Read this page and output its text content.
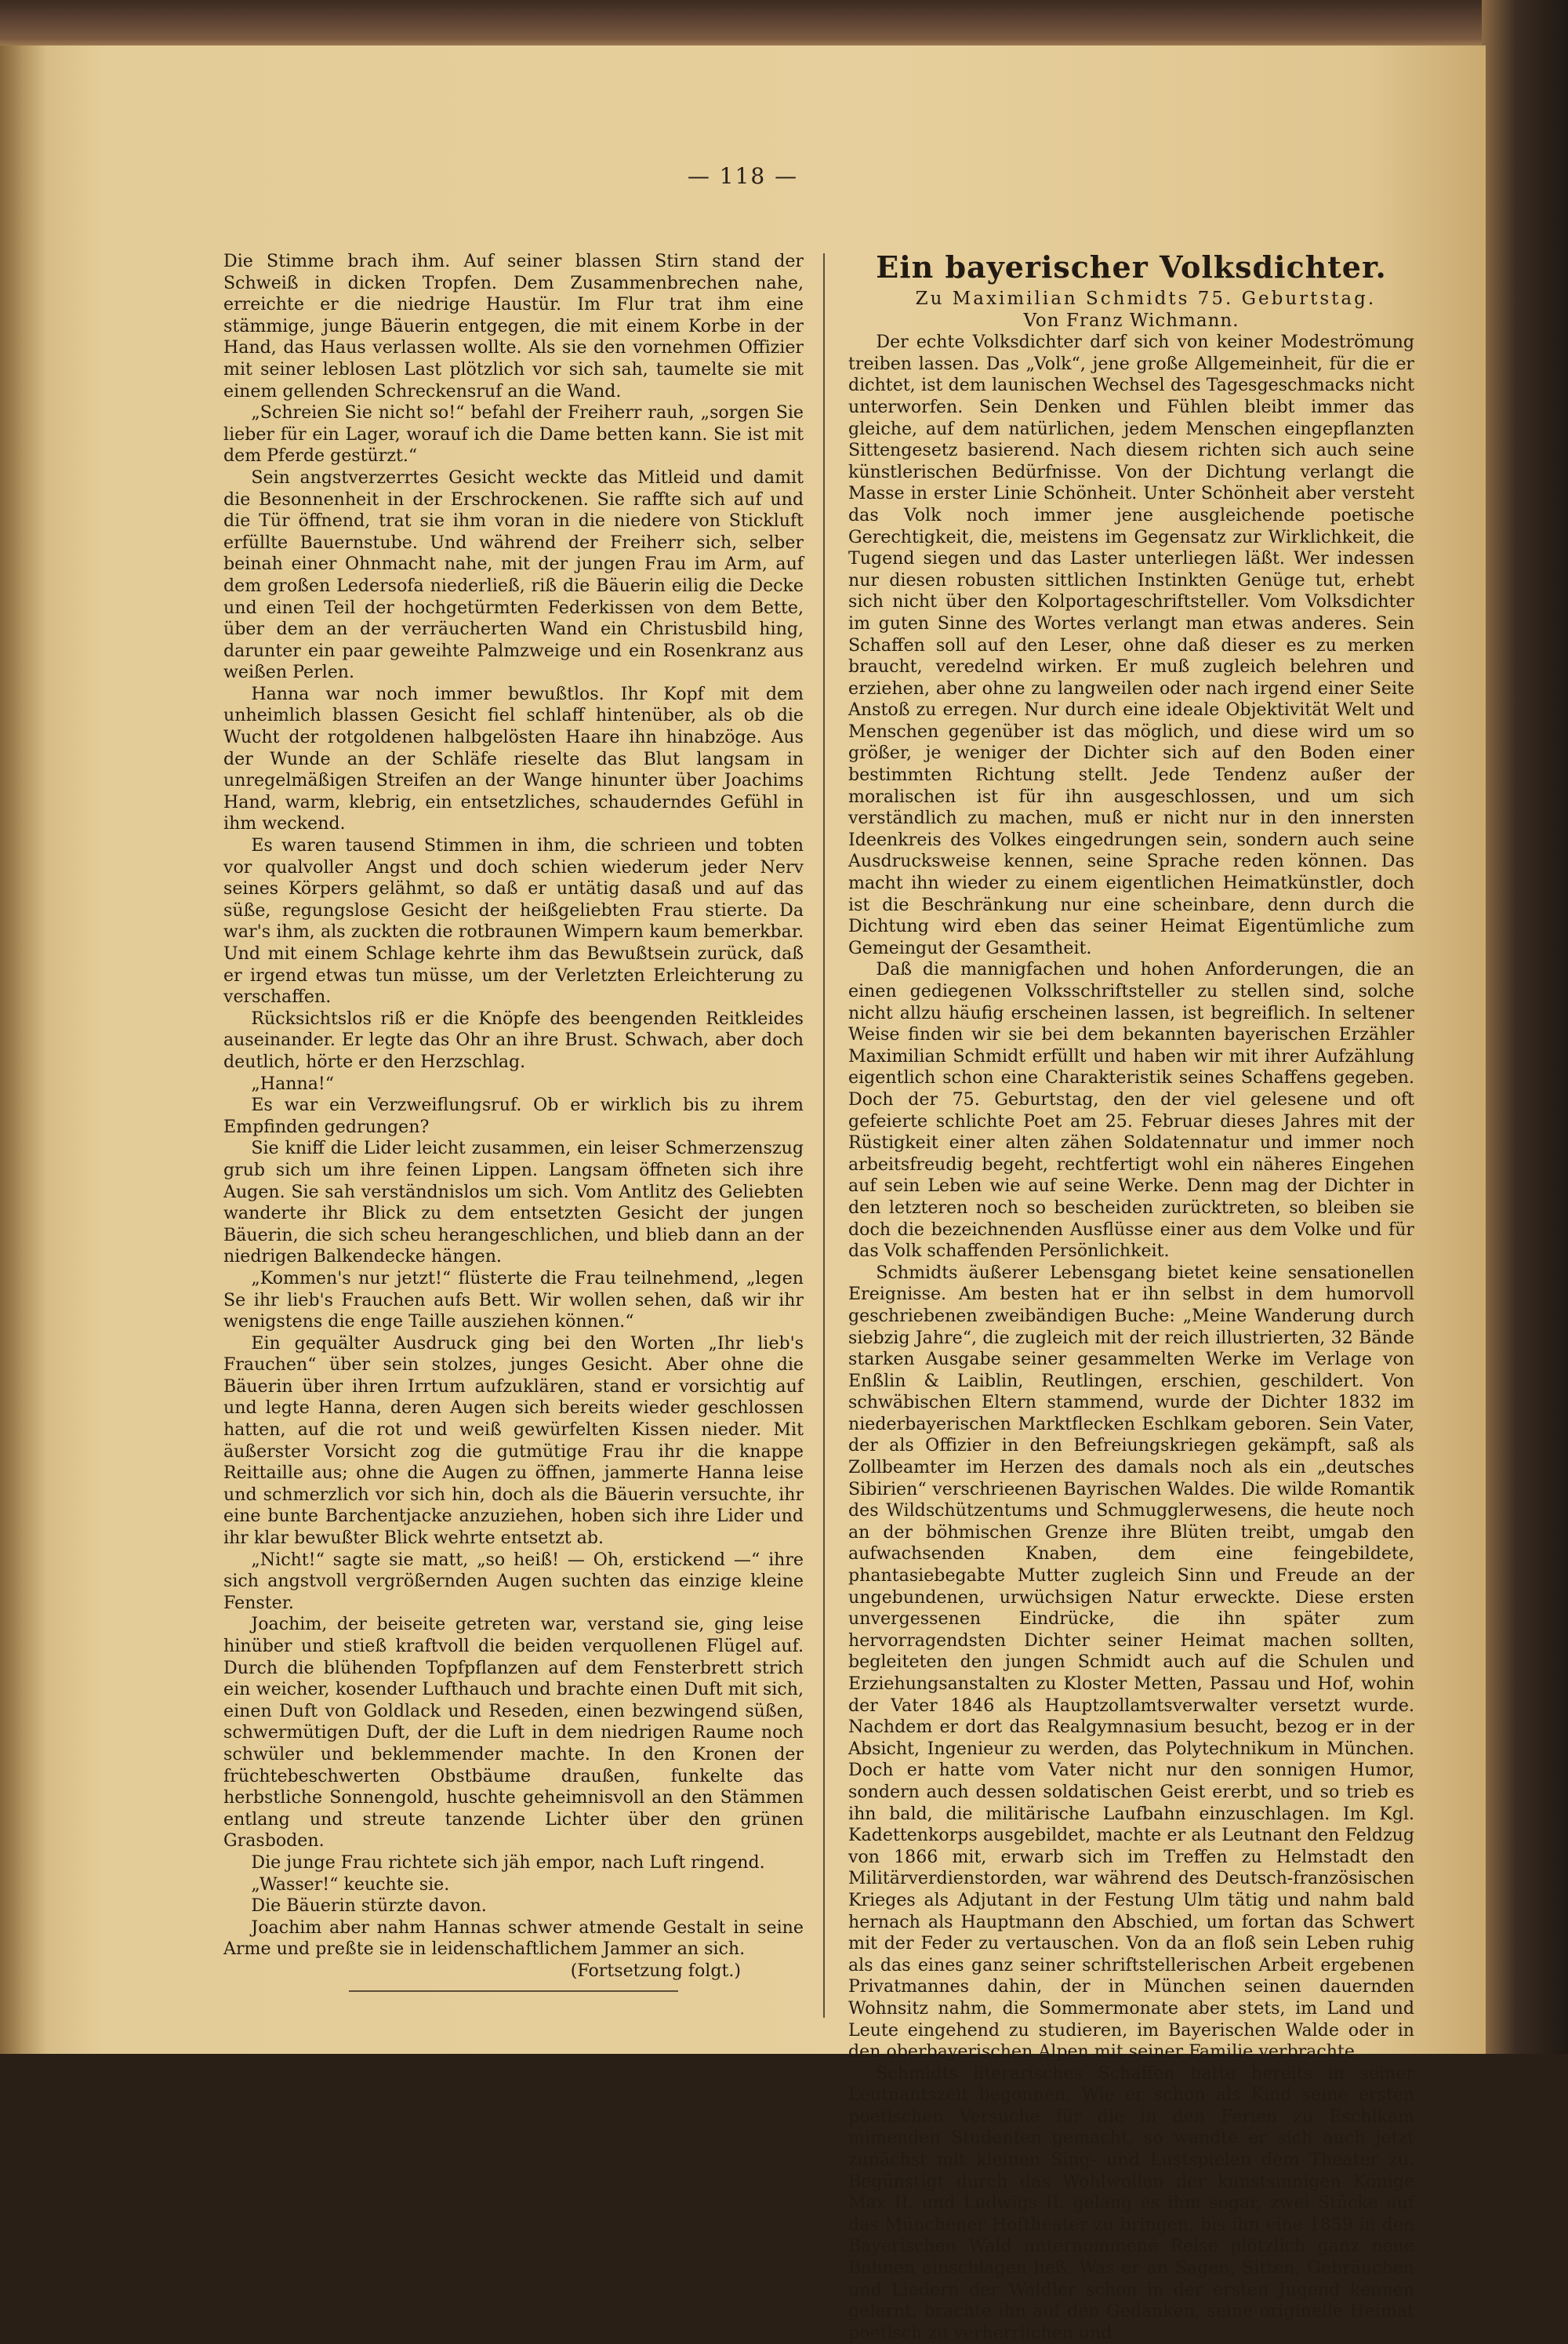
— 118 —

Die Stimme brach ihm. Auf seiner blassen Stirn stand der Schweiß in dicken Tropfen. Dem Zusammenbrechen nahe, erreichte er die niedrige Haustür. Im Flur trat ihm eine stämmige, junge Bäuerin entgegen, die mit einem Korbe in der Hand, das Haus verlassen wollte. Als sie den vornehmen Offizier mit seiner leblosen Last plötzlich vor sich sah, taumelte sie mit einem gellenden Schreckensruf an die Wand.

„Schreien Sie nicht so!“ befahl der Freiherr rauh, „sorgen Sie lieber für ein Lager, worauf ich die Dame betten kann. Sie ist mit dem Pferde gestürzt.“

Sein angstverzerrtes Gesicht weckte das Mitleid und damit die Besonnenheit in der Erschrockenen. Sie raffte sich auf und die Tür öffnend, trat sie ihm voran in die niedere von Stickluft erfüllte Bauernstube. Und während der Freiherr sich, selber beinah einer Ohnmacht nahe, mit der jungen Frau im Arm, auf dem großen Ledersofa niederließ, riß die Bäuerin eilig die Decke und einen Teil der hochgetürmten Federkissen von dem Bette, über dem an der verräucherten Wand ein Christusbild hing, darunter ein paar geweihte Palmzweige und ein Rosenkranz aus weißen Perlen.

Hanna war noch immer bewußtlos. Ihr Kopf mit dem unheimlich blassen Gesicht fiel schlaff hintenüber, als ob die Wucht der rotgoldenen halbgelösten Haare ihn hinabzöge. Aus der Wunde an der Schläfe rieselte das Blut langsam in unregelmäßigen Streifen an der Wange hinunter über Joachims Hand, warm, klebrig, ein entsetzliches, schauderndes Gefühl in ihm weckend.

Es waren tausend Stimmen in ihm, die schrieen und tobten vor qualvoller Angst und doch schien wiederum jeder Nerv seines Körpers gelähmt, so daß er untätig dasaß und auf das süße, regungslose Gesicht der heißgeliebten Frau stierte. Da war's ihm, als zuckten die rotbraunen Wimpern kaum bemerkbar. Und mit einem Schlage kehrte ihm das Bewußtsein zurück, daß er irgend etwas tun müsse, um der Verletzten Erleichterung zu verschaffen.

Rücksichtslos riß er die Knöpfe des beengenden Reitkleides auseinander. Er legte das Ohr an ihre Brust. Schwach, aber doch deutlich, hörte er den Herzschlag.

„Hanna!“

Es war ein Verzweiflungsruf. Ob er wirklich bis zu ihrem Empfinden gedrungen?

Sie kniff die Lider leicht zusammen, ein leiser Schmerzenszug grub sich um ihre feinen Lippen. Langsam öffneten sich ihre Augen. Sie sah verständnislos um sich. Vom Antlitz des Geliebten wanderte ihr Blick zu dem entsetzten Gesicht der jungen Bäuerin, die sich scheu herangeschlichen, und blieb dann an der niedrigen Balkendecke hängen.

„Kommen's nur jetzt!“ flüsterte die Frau teilnehmend, „legen Se ihr lieb's Frauchen aufs Bett. Wir wollen sehen, daß wir ihr wenigstens die enge Taille ausziehen können.“

Ein gequälter Ausdruck ging bei den Worten „Ihr lieb's Frauchen“ über sein stolzes, junges Gesicht. Aber ohne die Bäuerin über ihren Irrtum aufzuklären, stand er vorsichtig auf und legte Hanna, deren Augen sich bereits wieder geschlossen hatten, auf die rot und weiß gewürfelten Kissen nieder. Mit äußerster Vorsicht zog die gutmütige Frau ihr die knappe Reittaille aus; ohne die Augen zu öffnen, jammerte Hanna leise und schmerzlich vor sich hin, doch als die Bäuerin versuchte, ihr eine bunte Barchentjacke anzuziehen, hoben sich ihre Lider und ihr klar bewußter Blick wehrte entsetzt ab.

„Nicht!“ sagte sie matt, „so heiß! — Oh, erstickend —“ ihre sich angstvoll vergrößernden Augen suchten das einzige kleine Fenster.

Joachim, der beiseite getreten war, verstand sie, ging leise hinüber und stieß kraftvoll die beiden verquollenen Flügel auf. Durch die blühenden Topfpflanzen auf dem Fensterbrett strich ein weicher, kosender Lufthauch und brachte einen Duft mit sich, einen Duft von Goldlack und Reseden, einen bezwingend süßen, schwermütigen Duft, der die Luft in dem niedrigen Raume noch schwüler und beklemmender machte. In den Kronen der früchtebeschwerten Obstbäume draußen, funkelte das herbstliche Sonnengold, huschte geheimnisvoll an den Stämmen entlang und streute tanzende Lichter über den grünen Grasboden.

Die junge Frau richtete sich jäh empor, nach Luft ringend.

„Wasser!“ keuchte sie.

Die Bäuerin stürzte davon.

Joachim aber nahm Hannas schwer atmende Gestalt in seine Arme und preßte sie in leidenschaftlichem Jammer an sich.

(Fortsetzung folgt.)

Ein bayerischer Volksdichter.

Zu Maximilian Schmidts 75. Geburtstag.

Von Franz Wichmann.

Der echte Volksdichter darf sich von keiner Modeströmung treiben lassen. Das „Volk“, jene große Allgemeinheit, für die er dichtet, ist dem launischen Wechsel des Tagesgeschmacks nicht unterworfen. Sein Denken und Fühlen bleibt immer das gleiche, auf dem natürlichen, jedem Menschen eingepflanzten Sittengesetz basierend. Nach diesem richten sich auch seine künstlerischen Bedürfnisse. Von der Dichtung verlangt die Masse in erster Linie Schönheit. Unter Schönheit aber versteht das Volk noch immer jene ausgleichende poetische Gerechtigkeit, die, meistens im Gegensatz zur Wirklichkeit, die Tugend siegen und das Laster unterliegen läßt. Wer indessen nur diesen robusten sittlichen Instinkten Genüge tut, erhebt sich nicht über den Kolportageschriftsteller. Vom Volksdichter im guten Sinne des Wortes verlangt man etwas anderes. Sein Schaffen soll auf den Leser, ohne daß dieser es zu merken braucht, veredelnd wirken. Er muß zugleich belehren und erziehen, aber ohne zu langweilen oder nach irgend einer Seite Anstoß zu erregen. Nur durch eine ideale Objektivität Welt und Menschen gegenüber ist das möglich, und diese wird um so größer, je weniger der Dichter sich auf den Boden einer bestimmten Richtung stellt. Jede Tendenz außer der moralischen ist für ihn ausgeschlossen, und um sich verständlich zu machen, muß er nicht nur in den innersten Ideenkreis des Volkes eingedrungen sein, sondern auch seine Ausdrucksweise kennen, seine Sprache reden können. Das macht ihn wieder zu einem eigentlichen Heimatkünstler, doch ist die Beschränkung nur eine scheinbare, denn durch die Dichtung wird eben das seiner Heimat Eigentümliche zum Gemeingut der Gesamtheit.

Daß die mannigfachen und hohen Anforderungen, die an einen gediegenen Volksschriftsteller zu stellen sind, solche nicht allzu häufig erscheinen lassen, ist begreiflich. In seltener Weise finden wir sie bei dem bekannten bayerischen Erzähler Maximilian Schmidt erfüllt und haben wir mit ihrer Aufzählung eigentlich schon eine Charakteristik seines Schaffens gegeben. Doch der 75. Geburtstag, den der viel gelesene und oft gefeierte schlichte Poet am 25. Februar dieses Jahres mit der Rüstigkeit einer alten zähen Soldatennatur und immer noch arbeitsfreudig begeht, rechtfertigt wohl ein näheres Eingehen auf sein Leben wie auf seine Werke. Denn mag der Dichter in den letzteren noch so bescheiden zurücktreten, so bleiben sie doch die bezeichnenden Ausflüsse einer aus dem Volke und für das Volk schaffenden Persönlichkeit.

Schmidts äußerer Lebensgang bietet keine sensationellen Ereignisse. Am besten hat er ihn selbst in dem humorvoll geschriebenen zweibändigen Buche: „Meine Wanderung durch siebzig Jahre“, die zugleich mit der reich illustrierten, 32 Bände starken Ausgabe seiner gesammelten Werke im Verlage von Enßlin & Laiblin, Reutlingen, erschien, geschildert. Von schwäbischen Eltern stammend, wurde der Dichter 1832 im niederbayerischen Marktflecken Eschlkam geboren. Sein Vater, der als Offizier in den Befreiungskriegen gekämpft, saß als Zollbeamter im Herzen des damals noch als ein „deutsches Sibirien“ verschrieenen Bayrischen Waldes. Die wilde Romantik des Wildschützentums und Schmugglerwesens, die heute noch an der böhmischen Grenze ihre Blüten treibt, umgab den aufwachsenden Knaben, dem eine feingebildete, phantasiebegabte Mutter zugleich Sinn und Freude an der ungebundenen, urwüchsigen Natur erweckte. Diese ersten unvergessenen Eindrücke, die ihn später zum hervorragendsten Dichter seiner Heimat machen sollten, begleiteten den jungen Schmidt auch auf die Schulen und Erziehungsanstalten zu Kloster Metten, Passau und Hof, wohin der Vater 1846 als Hauptzollamtsverwalter versetzt wurde. Nachdem er dort das Realgymnasium besucht, bezog er in der Absicht, Ingenieur zu werden, das Polytechnikum in München. Doch er hatte vom Vater nicht nur den sonnigen Humor, sondern auch dessen soldatischen Geist ererbt, und so trieb es ihn bald, die militärische Laufbahn einzuschlagen. Im Kgl. Kadettenkorps ausgebildet, machte er als Leutnant den Feldzug von 1866 mit, erwarb sich im Treffen zu Helmstadt den Militärverdienstorden, war während des Deutsch-französischen Krieges als Adjutant in der Festung Ulm tätig und nahm bald hernach als Hauptmann den Abschied, um fortan das Schwert mit der Feder zu vertauschen. Von da an floß sein Leben ruhig als das eines ganz seiner schriftstellerischen Arbeit ergebenen Privatmannes dahin, der in München seinen dauernden Wohnsitz nahm, die Sommermonate aber stets, im Land und Leute eingehend zu studieren, im Bayerischen Walde oder in den oberbayerischen Alpen mit seiner Familie verbrachte.

Schmidts literarisches Schaffen hatte bereits in seiner Leutnantszeit begonnen. Wie er schon als Kind seine ersten poetischen Versuche für die in den Ferien zu Eschlkam mimenden Studenten gemacht, so wandte er sich auch jetzt zunächst mit kleinen Sing- und Lustspielen dem Theater zu. Begünstigt durch das Wohlwollen der kunstsinnigen Könige Max II. und Ludwigs II. gelang es ihm sogar, zwei Stücke auf das Münchener Hoftheater zu bringen, bis ihn eine 1859 in den Bayerischen Wald unternommene Reise plötzlich ganz neue Bahnen einschlagen ließ. Was er an Sagen, Sitten, Gebräuchen und Liedern der Waldler schon in der ersten Jugend kennen gelernt, brachte ihn auf den Gedanken, seine originelle Heimat poetisch zu verherrlichen und
